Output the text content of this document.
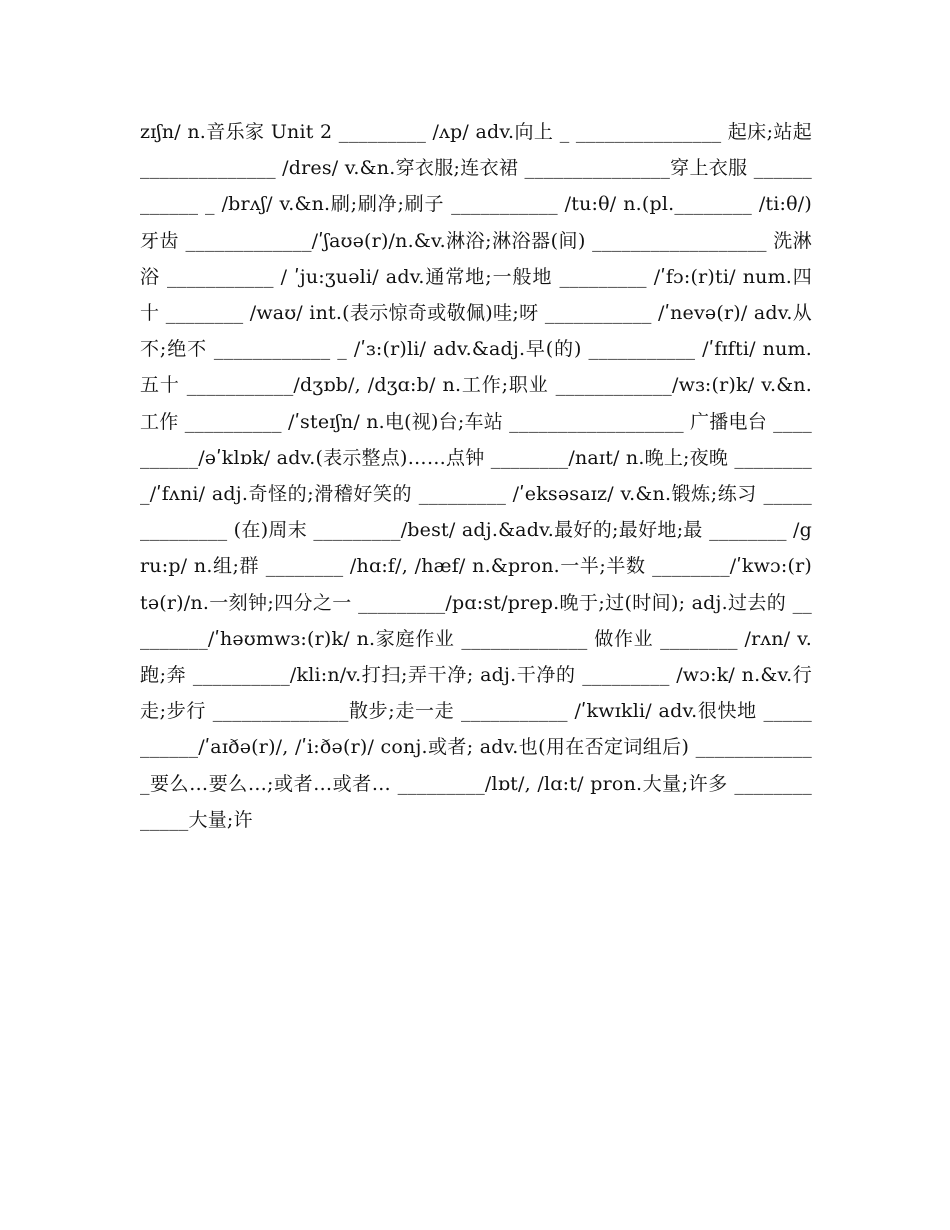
zɪʃn/ n.音乐家 Unit 2 _________ /ʌp/ adv.向上 _ _______________ 起床;站起 ______________ /dres/ v.&n.穿衣服;连衣裙 _______________穿上衣服 ____________ _ /brʌʃ/ v.&n.刷;刷净;刷子 ___________ /tu:θ/ n.(pl.________ /ti:θ/)牙齿 _____________/ʹʃaʊə(r)/n.&v.淋浴;淋浴器(间) __________________ 洗淋浴 ___________ / ʹju:ʒuəli/ adv.通常地;一般地 _________ /ʹfɔ:(r)ti/ num.四十 ________ /waʊ/ int.(表示惊奇或敬佩)哇;呀 ___________ /ʹnevə(r)/ adv.从不;绝不 ____________ _ /ʹɜ:(r)li/ adv.&adj.早(的) ___________ /ʹfɪfti/ num.五十 ___________/dʒɒb/, /dʒɑ:b/ n.工作;职业 ____________/wɜ:(r)k/ v.&n.工作 __________ /ʹsteɪʃn/ n.电(视)台;车站 __________________ 广播电台 __________/əʹklɒk/ adv.(表示整点)……点钟 ________/naɪt/ n.晚上;夜晚 _________/ʹfʌni/ adj.奇怪的;滑稽好笑的 _________ /ʹeksəsaɪz/ v.&n.锻炼;练习 ______________ (在)周末 _________/best/ adj.&adv.最好的;最好地;最 ________ /gru:p/ n.组;群 ________ /hɑ:f/, /hæf/ n.&pron.一半;半数 ________/ʹkwɔ:(r)tə(r)/n.一刻钟;四分之一 _________/pɑ:st/prep.晚于;过(时间); adj.过去的 _________/ʹhəʊmwɜ:(r)k/ n.家庭作业 _____________ 做作业 ________ /rʌn/ v.跑;奔 __________/kli:n/v.打扫;弄干净; adj.干净的 _________ /wɔ:k/ n.&v.行走;步行 ______________散步;走一走 ___________ /ʹkwɪkli/ adv.很快地 ___________/ʹaɪðə(r)/, /ʹi:ðə(r)/ conj.或者; adv.也(用在否定词组后) _____________要么…要么…;或者…或者… _________/lɒt/, /lɑ:t/ pron.大量;许多 _____________大量;许
